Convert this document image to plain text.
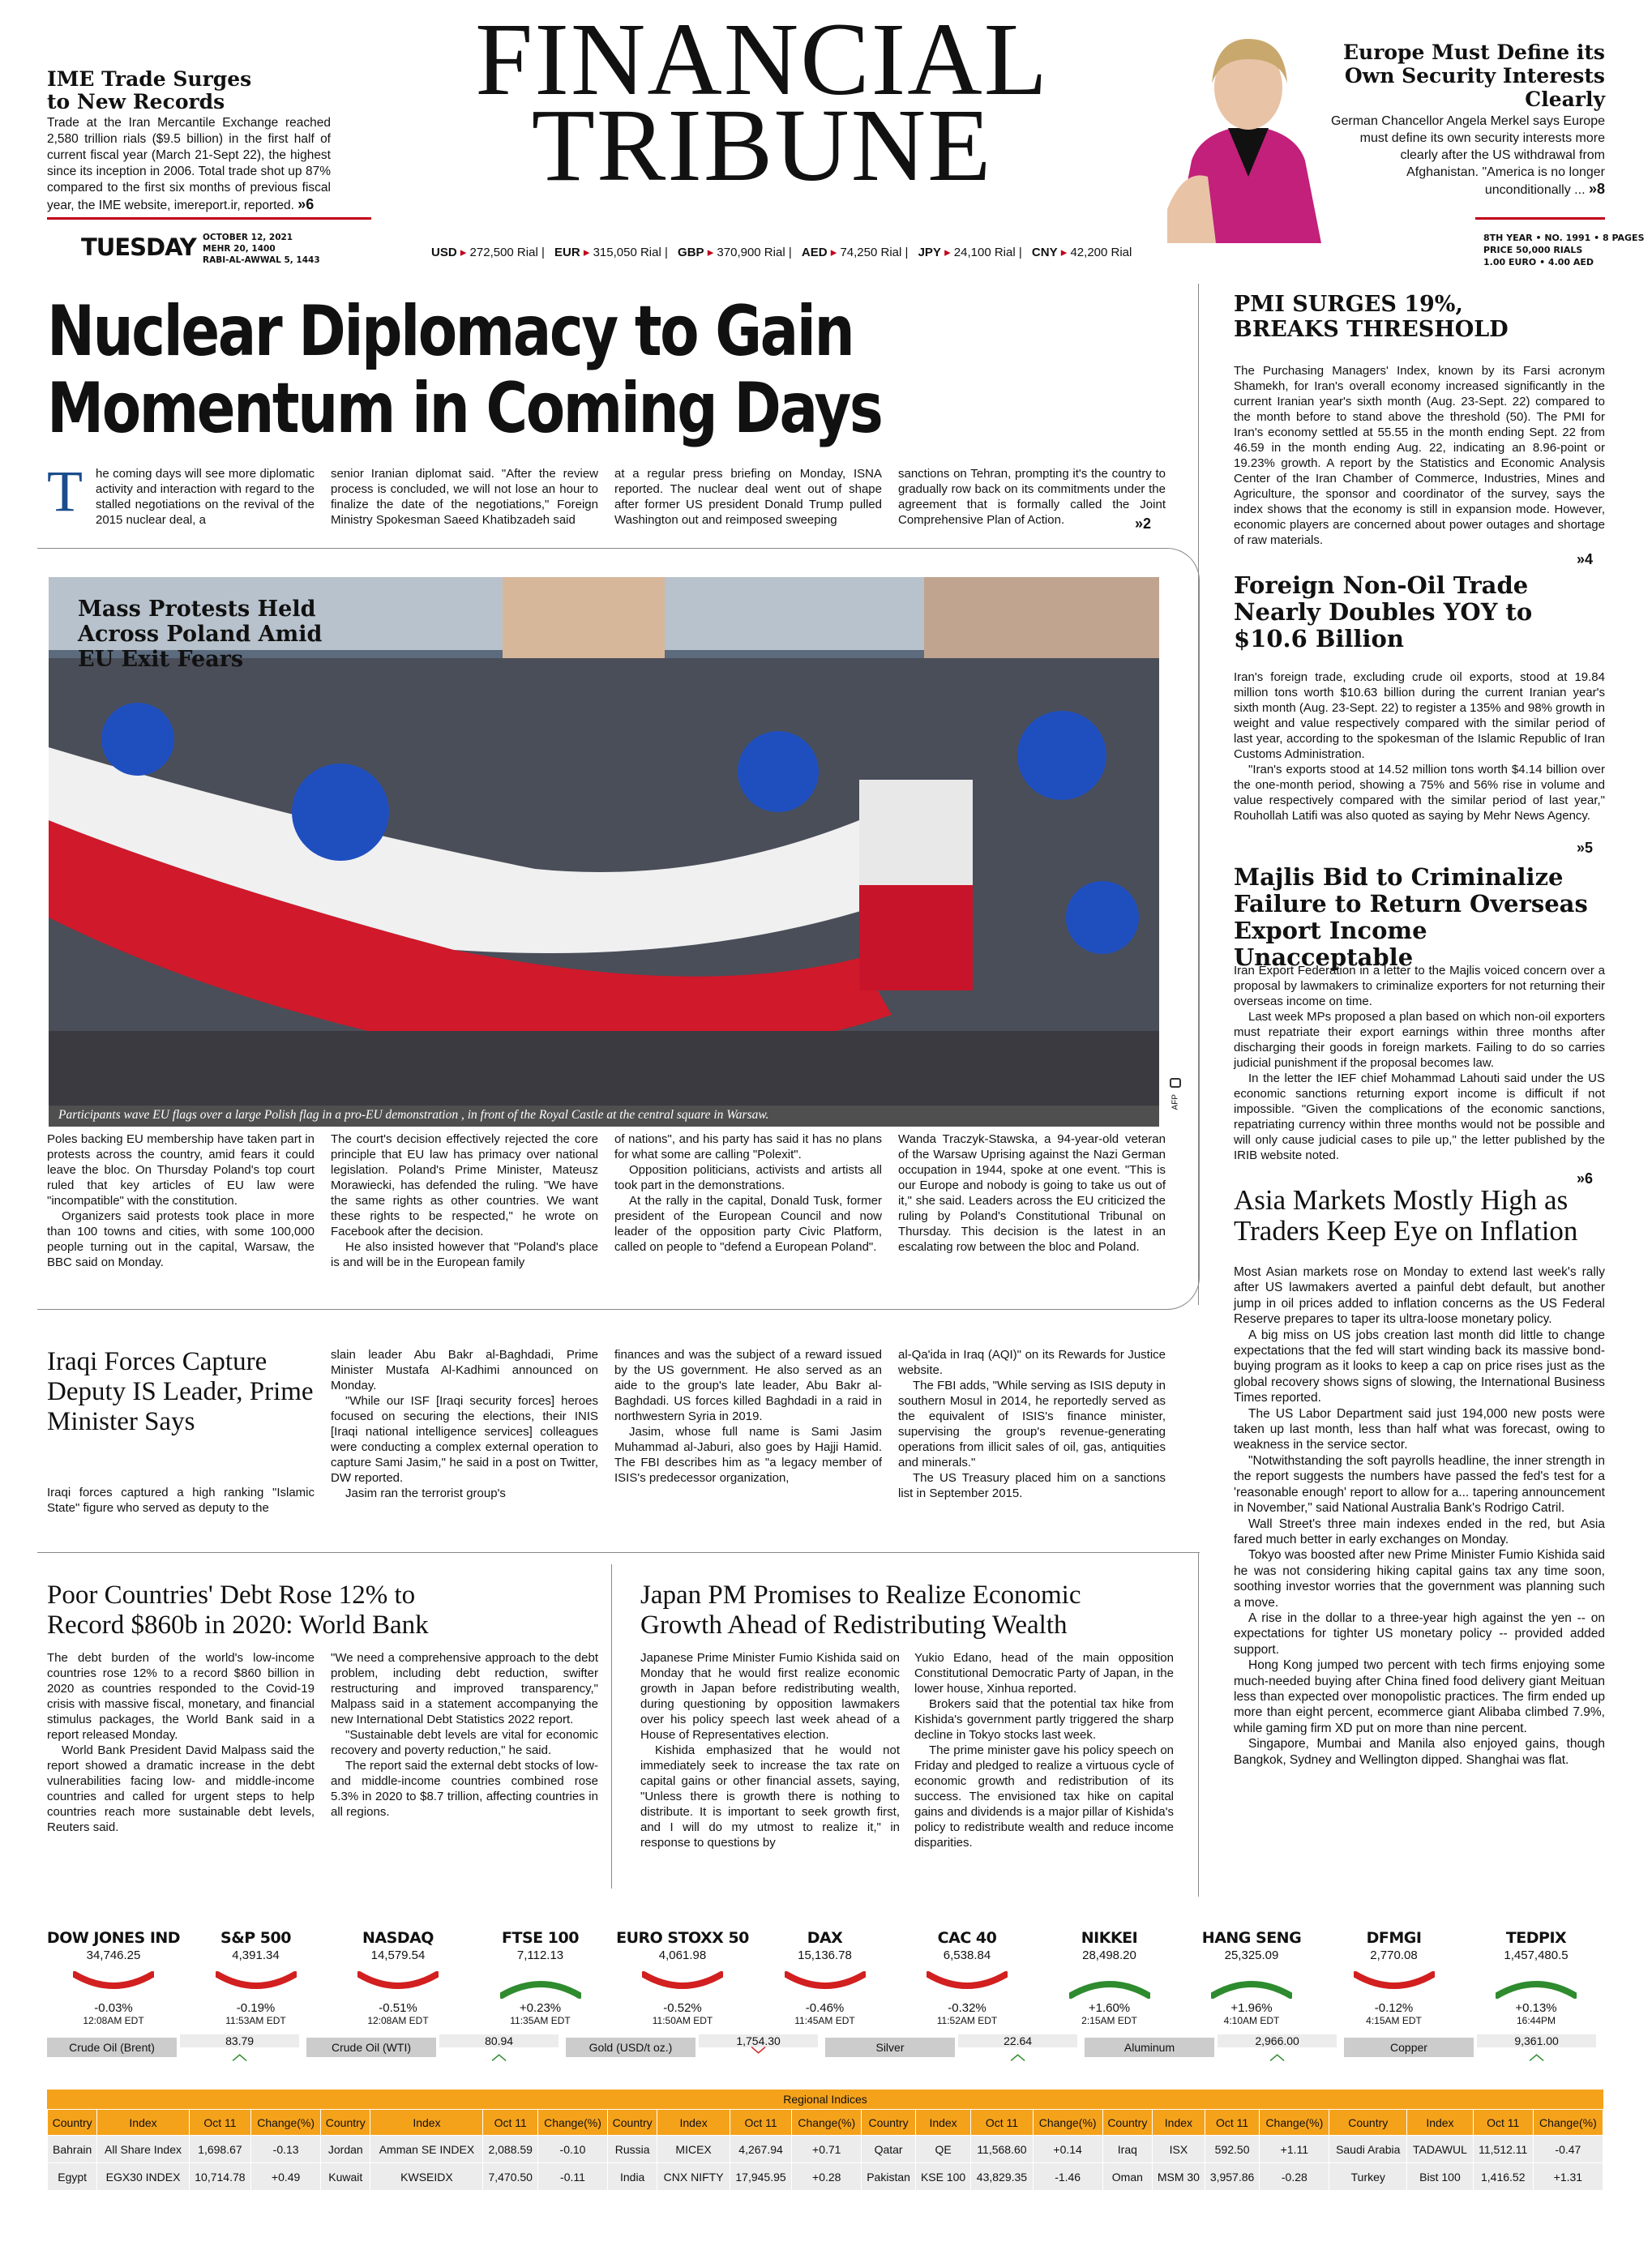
IME Trade Surges to New Records
Trade at the Iran Mercantile Exchange reached 2,580 trillion rials ($9.5 billion) in the first half of current fiscal year (March 21-Sept 22), the highest since its inception in 2006. Total trade shot up 87% compared to the first six months of previous fiscal year, the IME website, imereport.ir, reported. »6
FINANCIAL
TRIBUNE
Europe Must Define its Own Security Interests Clearly
German Chancellor Angela Merkel says Europe must define its own security interests more clearly after the US withdrawal from Afghanistan. "America is no longer unconditionally ... »8
TUESDAY OCTOBER 12, 2021
MEHR 20, 1400
RABI-AL-AWWAL 5, 1443
USD ▸ 272,500 Rial | EUR ▸ 315,050 Rial | GBP ▸ 370,900 Rial | AED ▸ 74,250 Rial | JPY ▸ 24,100 Rial | CNY ▸ 42,200 Rial
8TH YEAR • NO. 1991 • 8 PAGES
PRICE 50,000 RIALS
1.00 EURO • 4.00 AED
Nuclear Diplomacy to Gain
Momentum in Coming Days
T he coming days will see more diplomatic activity and interaction with regard to the stalled negotiations on the revival of the 2015 nuclear deal, a
senior Iranian diplomat said. "After the review process is concluded, we will not lose an hour to finalize the date of the negotiations," Foreign Ministry Spokesman Saeed Khatibzadeh said
at a regular press briefing on Monday, ISNA reported. The nuclear deal went out of shape after former US president Donald Trump pulled Washington out and reimposed sweeping
sanctions on Tehran, prompting it's the country to gradually row back on its commitments under the agreement that is formally called the Joint Comprehensive Plan of Action.	»2
Mass Protests Held
Across Poland Amid
EU Exit Fears
Participants wave EU flags over a large Polish flag in a pro-EU demonstration , in front of the Royal Castle at the central square in Warsaw.
AFP

Poles backing EU membership have taken part in protests across the country, amid fears it could leave the bloc. On Thursday Poland's top court ruled that key articles of EU law were "incompatible" with the constitution.

Organizers said protests took place in more than 100 towns and cities, with some 100,000 people turning out in the capital, Warsaw, the BBC said on Monday.

The court's decision effectively rejected the core principle that EU law has primacy over national legislation. Poland's Prime Minister, Mateusz Morawiecki, has defended the ruling. "We have the same rights as other countries. We want these rights to be respected," he wrote on Facebook after the decision.

He also insisted however that "Poland's place is and will be in the European family

of nations", and his party has said it has no plans for what some are calling "Polexit".

Opposition politicians, activists and artists all took part in the demonstrations.

At the rally in the capital, Donald Tusk, former president of the European Council and now leader of the opposition party Civic Platform, called on people to "defend a European Poland".

Wanda Traczyk-Stawska, a 94-year-old veteran of the Warsaw Uprising against the Nazi German occupation in 1944, spoke at one event. "This is our Europe and nobody is going to take us out of it," she said. Leaders across the EU criticized the ruling by Poland's Constitutional Tribunal on Thursday. This decision is the latest in an escalating row between the bloc and Poland.

Iraqi Forces Capture Deputy IS Leader, Prime Minister Says

Iraqi forces captured a high ranking "Islamic State" figure who served as deputy to the

slain leader Abu Bakr al-Baghdadi, Prime Minister Mustafa Al-Kadhimi announced on Monday.

"While our ISF [Iraqi security forces] heroes focused on securing the elections, their INIS [Iraqi national intelligence services] colleagues were conducting a complex external operation to capture Sami Jasim," he said in a post on Twitter, DW reported.

Jasim ran the terrorist group's

finances and was the subject of a reward issued by the US government. He also served as an aide to the group's late leader, Abu Bakr al-Baghdadi. US forces killed Baghdadi in a raid in northwestern Syria in 2019.

Jasim, whose full name is Sami Jasim Muhammad al-Jaburi, also goes by Hajji Hamid. The FBI describes him as "a legacy member of ISIS's predecessor organization,

al-Qa'ida in Iraq (AQI)" on its Rewards for Justice website.

The FBI adds, "While serving as ISIS deputy in southern Mosul in 2014, he reportedly served as the equivalent of ISIS's finance minister, supervising the group's revenue-generating operations from illicit sales of oil, gas, antiquities and minerals."

The US Treasury placed him on a sanctions list in September 2015.

Poor Countries' Debt Rose 12% to
Record $860b in 2020: World Bank

The debt burden of the world's low-income countries rose 12% to a record $860 billion in 2020 as countries responded to the Covid-19 crisis with massive fiscal, monetary, and financial stimulus packages, the World Bank said in a report released Monday.

World Bank President David Malpass said the report showed a dramatic increase in the debt vulnerabilities facing low- and middle-income countries and called for urgent steps to help countries reach more sustainable debt levels, Reuters said.

"We need a comprehensive approach to the debt problem, including debt reduction, swifter restructuring and improved transparency," Malpass said in a statement accompanying the new International Debt Statistics 2022 report.

"Sustainable debt levels are vital for economic recovery and poverty reduction," he said.

The report said the external debt stocks of low- and middle-income countries combined rose 5.3% in 2020 to $8.7 trillion, affecting countries in all regions.

Japan PM Promises to Realize Economic
Growth Ahead of Redistributing Wealth

Japanese Prime Minister Fumio Kishida said on Monday that he would first realize economic growth in Japan before redistributing wealth, during questioning by opposition lawmakers over his policy speech last week ahead of a House of Representatives election.

Kishida emphasized that he would not immediately seek to increase the tax rate on capital gains or other financial assets, saying, "Unless there is growth there is nothing to distribute. It is important to seek growth first, and I will do my utmost to realize it," in response to questions by

Yukio Edano, head of the main opposition Constitutional Democratic Party of Japan, in the lower house, Xinhua reported.

Brokers said that the potential tax hike from Kishida's government partly triggered the sharp decline in Tokyo stocks last week.

The prime minister gave his policy speech on Friday and pledged to realize a virtuous cycle of economic growth and redistribution of its success. The envisioned tax hike on capital gains and dividends is a major pillar of Kishida's policy to redistribute wealth and reduce income disparities.

PMI SURGES 19%,
BREAKS THRESHOLD
The Purchasing Managers' Index, known by its Farsi acronym Shamekh, for Iran's overall economy increased significantly in the current Iranian year's sixth month (Aug. 23-Sept. 22) compared to the month before to stand above the threshold (50). The PMI for Iran's economy settled at 55.55 in the month ending Sept. 22 from 46.59 in the month ending Aug. 22, indicating an 8.96-point or 19.23% growth. A report by the Statistics and Economic Analysis Center of the Iran Chamber of Commerce, Industries, Mines and Agriculture, the sponsor and coordinator of the survey, says the index shows that the economy is still in expansion mode. However, economic players are concerned about power outages and shortage of raw materials.
»4
Foreign Non-Oil Trade
Nearly Doubles YOY to
$10.6 Billion

Iran's foreign trade, excluding crude oil exports, stood at 19.84 million tons worth $10.63 billion during the current Iranian year's sixth month (Aug. 23-Sept. 22) to register a 135% and 98% growth in weight and value respectively compared with the similar period of last year, according to the spokesman of the Islamic Republic of Iran Customs Administration.

"Iran's exports stood at 14.52 million tons worth $4.14 billion over the one-month period, showing a 75% and 56% rise in volume and value respectively compared with the similar period of last year," Rouhollah Latifi was also quoted as saying by Mehr News Agency.

»5
Majlis Bid to Criminalize
Failure to Return Overseas
Export Income Unacceptable

Iran Export Federation in a letter to the Majlis voiced concern over a proposal by lawmakers to criminalize exporters for not returning their overseas income on time.

Last week MPs proposed a plan based on which non-oil exporters must repatriate their export earnings within three months after discharging their goods in foreign markets. Failing to do so carries judicial punishment if the proposal becomes law.

In the letter the IEF chief Mohammad Lahouti said under the US economic sanctions returning export income is difficult if not impossible. "Given the complications of the economic sanctions, repatriating currency within three months would not be possible and will only cause judicial cases to pile up," the letter published by the IRIB website noted.

»6
Asia Markets Mostly High as
Traders Keep Eye on Inflation

Most Asian markets rose on Monday to extend last week's rally after US lawmakers averted a painful debt default, but another jump in oil prices added to inflation concerns as the US Federal Reserve prepares to taper its ultra-loose monetary policy.

A big miss on US jobs creation last month did little to change expectations that the fed will start winding back its massive bond-buying program as it looks to keep a cap on price rises just as the global recovery shows signs of slowing, the International Business Times reported.

The US Labor Department said just 194,000 new posts were taken up last month, less than half what was forecast, owing to weakness in the service sector.

"Notwithstanding the soft payrolls headline, the inner strength in the report suggests the numbers have passed the fed's test for a 'reasonable enough' report to allow for a... tapering announcement in November," said National Australia Bank's Rodrigo Catril.

Wall Street's three main indexes ended in the red, but Asia fared much better in early exchanges on Monday.

Tokyo was boosted after new Prime Minister Fumio Kishida said he was not considering hiking capital gains tax any time soon, soothing investor worries that the government was planning such a move.

A rise in the dollar to a three-year high against the yen -- on expectations for tighter US monetary policy -- provided added support.

Hong Kong jumped two percent with tech firms enjoying some much-needed buying after China fined food delivery giant Meituan less than expected over monopolistic practices. The firm ended up more than eight percent, ecommerce giant Alibaba climbed 7.9%, while gaming firm XD put on more than nine percent.

Singapore, Mumbai and Manila also enjoyed gains, though Bangkok, Sydney and Wellington dipped. Shanghai was flat.

DOW JONES IND
34,746.25
-0.03%
12:08AM EDT
S&P 500
4,391.34
-0.19%
11:53AM EDT
NASDAQ
14,579.54
-0.51%
12:08AM EDT
FTSE 100
7,112.13
+0.23%
11:35AM EDT
EURO STOXX 50
4,061.98
-0.52%
11:50AM EDT
DAX
15,136.78
-0.46%
11:45AM EDT
CAC 40
6,538.84
-0.32%
11:52AM EDT
NIKKEI
28,498.20
+1.60%
2:15AM EDT
HANG SENG
25,325.09
+1.96%
4:10AM EDT
DFMGI
2,770.08
-0.12%
4:15AM EDT
TEDPIX
1,457,480.5
+0.13%
16:44PM
Crude Oil (Brent)	83.79
︿	Crude Oil (WTI)	80.94
︿	Gold (USD/t oz.)	1,754.30
﹀	Silver	22.64
︿	Aluminum	2,966.00
︿	Copper	9,361.00
︿
Regional Indices
Country	Index	Oct 11	Change(%)	Country	Index	Oct 11	Change(%)	Country	Index	Oct 11	Change(%)	Country	Index	Oct 11	Change(%)	Country	Index	Oct 11	Change(%)	Country	Index	Oct 11	Change(%)
Bahrain	All Share Index	1,698.67	-0.13	Jordan	Amman SE INDEX	2,088.59	-0.10	Russia	MICEX	4,267.94	+0.71	Qatar	QE	11,568.60	+0.14	Iraq	ISX	592.50	+1.11	Saudi Arabia	TADAWUL	11,512.11	-0.47
Egypt	EGX30 INDEX	10,714.78	+0.49	Kuwait	KWSEIDX	7,470.50	-0.11	India	CNX NIFTY	17,945.95	+0.28	Pakistan	KSE 100	43,829.35	-1.46	Oman	MSM 30	3,957.86	-0.28	Turkey	Bist 100	1,416.52	+1.31
